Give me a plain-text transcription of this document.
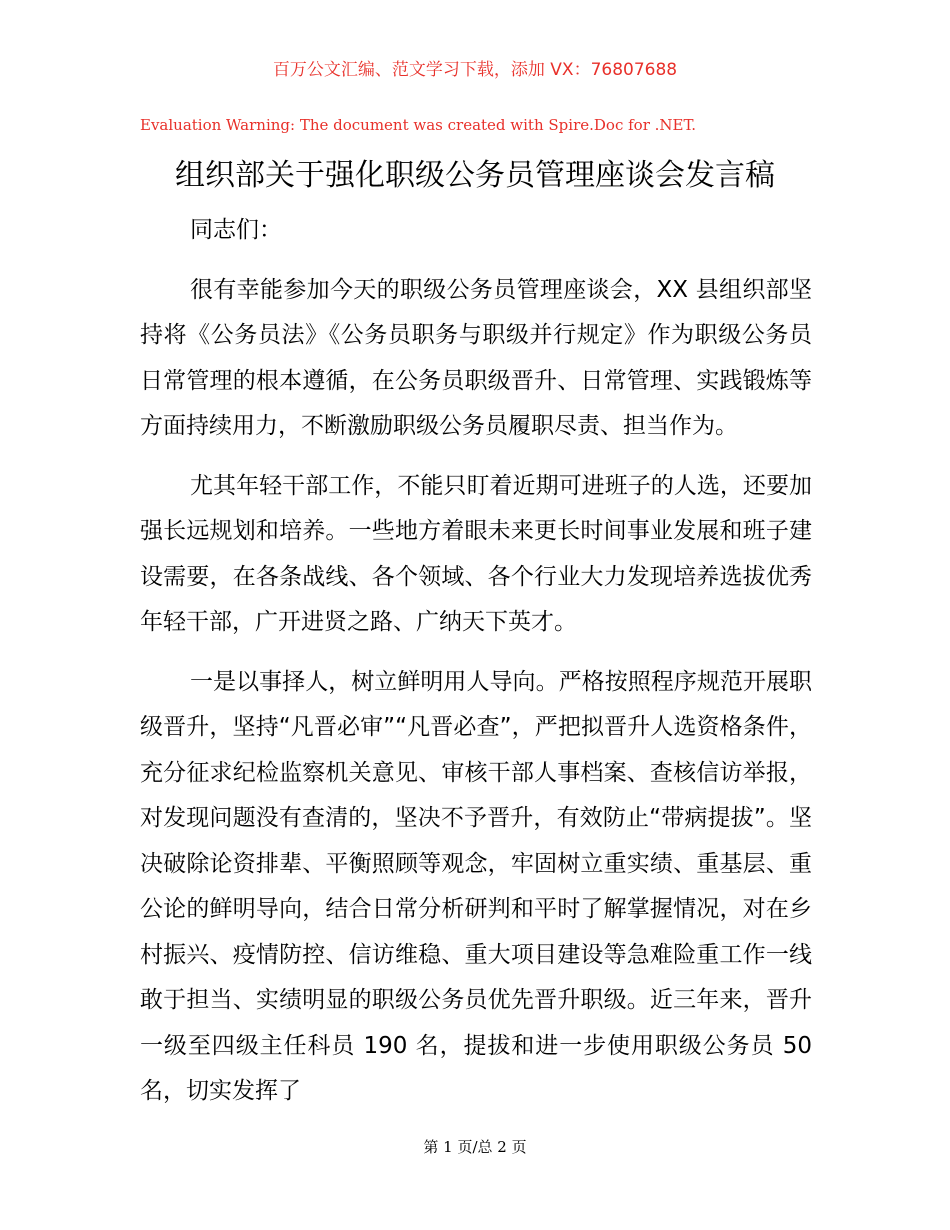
百万公文汇编、范文学习下载，添加 VX：76807688
Evaluation Warning: The document was created with Spire.Doc for .NET.
组织部关于强化职级公务员管理座谈会发言稿

同志们：

很有幸能参加今天的职级公务员管理座谈会，XX 县组织部坚持将《公务员法》《公务员职务与职级并行规定》作为职级公务员日常管理的根本遵循，在公务员职级晋升、日常管理、实践锻炼等方面持续用力，不断激励职级公务员履职尽责、担当作为。

尤其年轻干部工作，不能只盯着近期可进班子的人选，还要加强长远规划和培养。一些地方着眼未来更长时间事业发展和班子建设需要，在各条战线、各个领域、各个行业大力发现培养选拔优秀年轻干部，广开进贤之路、广纳天下英才。

一是以事择人，树立鲜明用人导向。严格按照程序规范开展职级晋升，坚持“凡晋必审”“凡晋必查”，严把拟晋升人选资格条件，充分征求纪检监察机关意见、审核干部人事档案、查核信访举报，对发现问题没有查清的，坚决不予晋升，有效防止“带病提拔”。坚决破除论资排辈、平衡照顾等观念，牢固树立重实绩、重基层、重公论的鲜明导向，结合日常分析研判和平时了解掌握情况，对在乡村振兴、疫情防控、信访维稳、重大项目建设等急难险重工作一线敢于担当、实绩明显的职级公务员优先晋升职级。近三年来，晋升一级至四级主任科员 190 名，提拔和进一步使用职级公务员 50 名，切实发挥了

第 1 页/总 2 页
